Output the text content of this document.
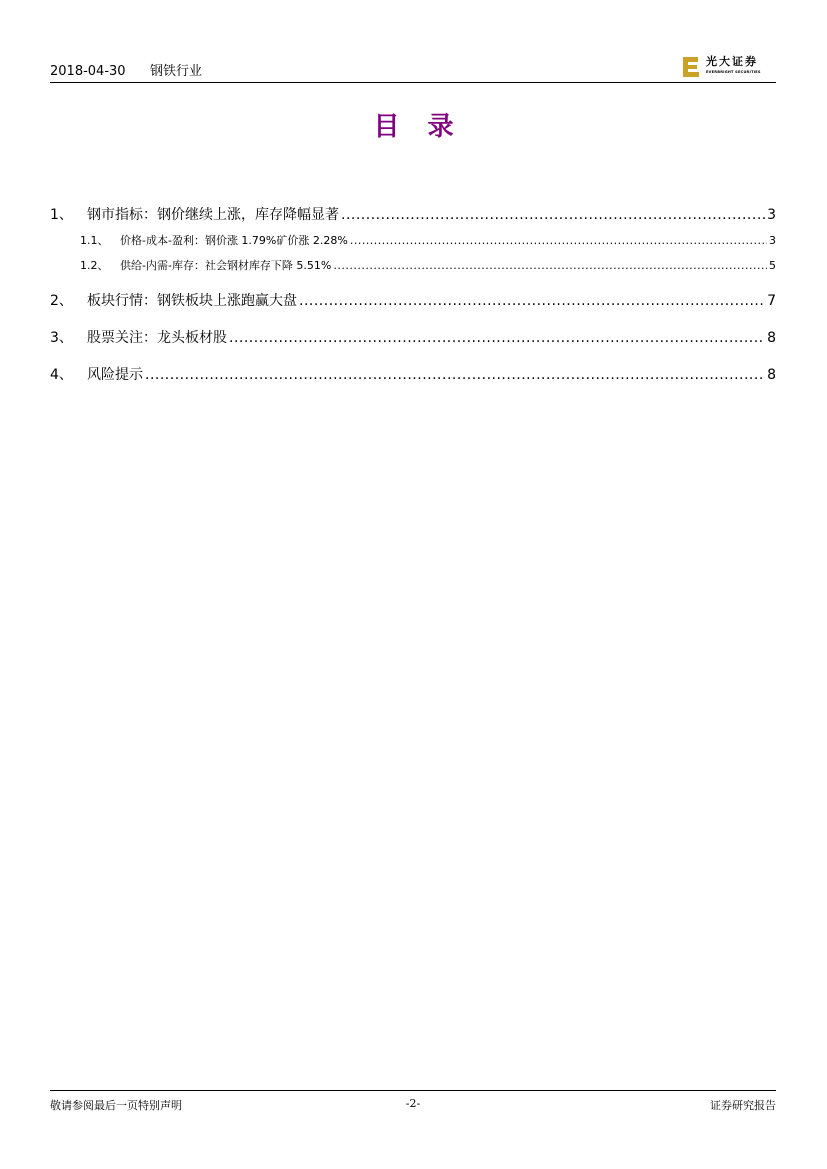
2018-04-30 钢铁行业
光大证券
EVERBRIGHT SECURITIES
目录
1、	钢市指标：钢价继续上涨，库存降幅显著 .....	3
1.1、	价格-成本-盈利：钢价涨 1.79%矿价涨 2.28% .....	3
1.2、	供给-内需-库存：社会钢材库存下降 5.51% .....	5
2、	板块行情：钢铁板块上涨跑赢大盘 .....	7
3、	股票关注：龙头板材股 .....	8
4、	风险提示 .....	8
敬请参阅最后一页特别声明	-2-	证券研究报告
